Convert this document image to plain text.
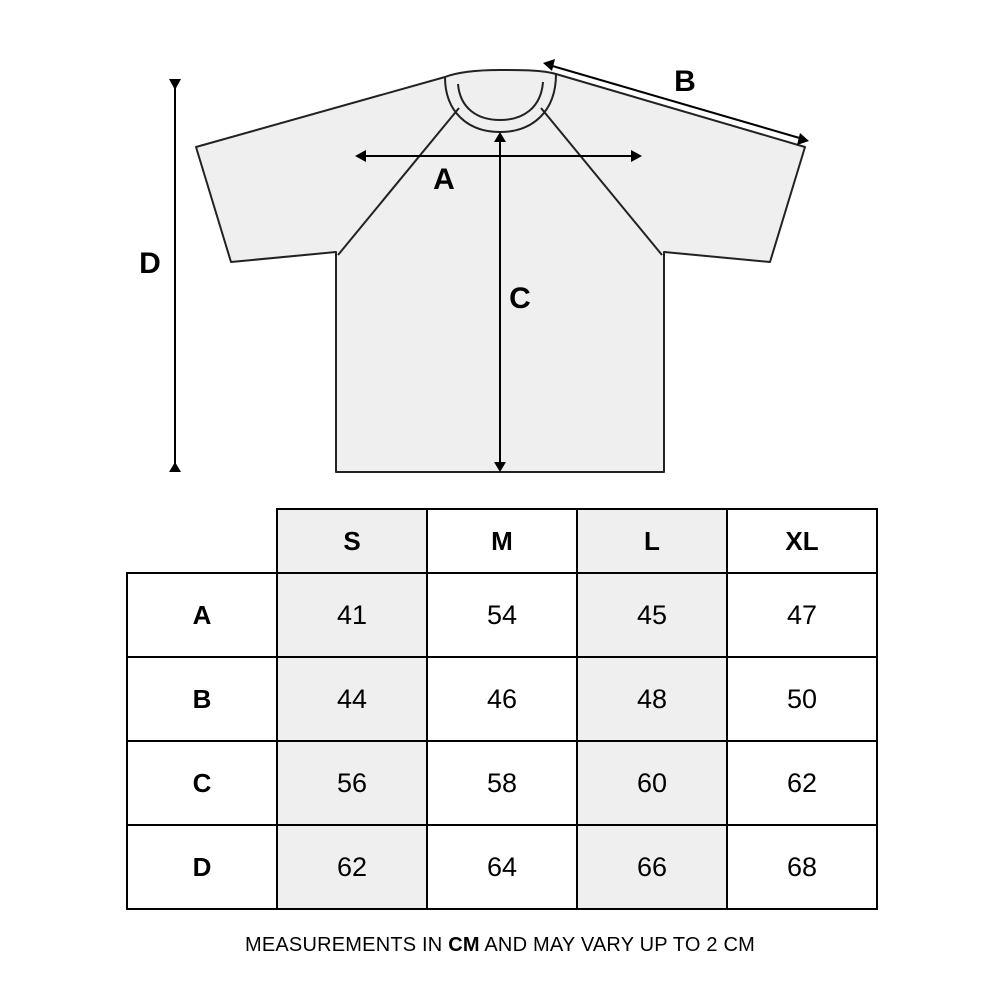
A
B
C
D
	S	M	L	XL
A	41	54	45	47
B	44	46	48	50
C	56	58	60	62
D	62	64	66	68
MEASUREMENTS IN CM AND MAY VARY UP TO 2 CM
